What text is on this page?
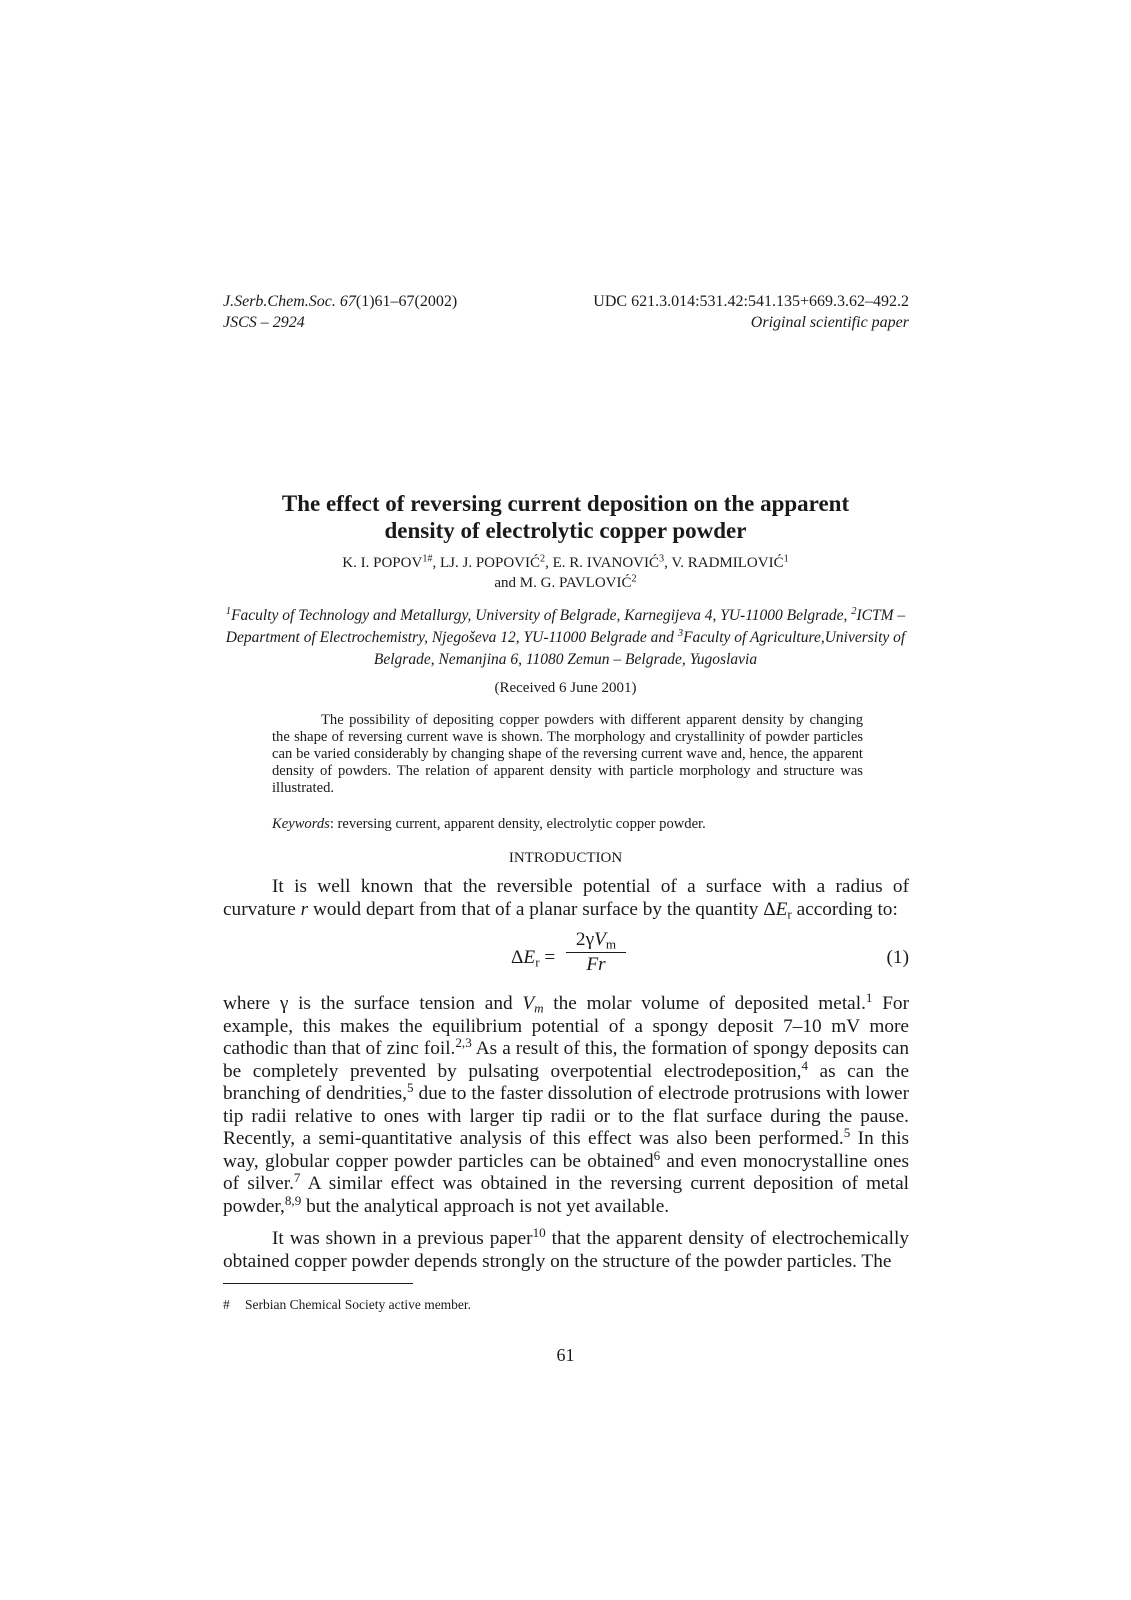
J.Serb.Chem.Soc. 67(1)61–67(2002)
JSCS – 2924
UDC 621.3.014:531.42:541.135+669.3.62–492.2
Original scientific paper
The effect of reversing current deposition on the apparent
density of electrolytic copper powder
K. I. $POPOV^{1\#}$, LJ. J. POPOVIĆ$^2$, E. R. IVANOVIĆ$^3$, V. RADMILOVIĆ$^1$
and M. G. PAVLOVIĆ$^2$
$^1$Faculty of Technology and Metallurgy, University of Belgrade, Karnegijeva 4, YU-11000 Belgrade, $^2$ICTM – Department of Electrochemistry, Njegoševa 12, YU-11000 Belgrade and $^3$Faculty of Agriculture,University of Belgrade, Nemanjina 6, 11080 Zemun – Belgrade, Yugoslavia
(Received 6 June 2001)
The possibility of depositing copper powders with different apparent density by changing the shape of reversing current wave is shown. The morphology and crystallinity of powder particles can be varied considerably by changing shape of the reversing current wave and, hence, the apparent density of powders. The relation of apparent density with particle morphology and structure was illustrated.
Keywords: reversing current, apparent density, electrolytic copper powder.
INTRODUCTION
It is well known that the reversible potential of a surface with a radius of curvature r would depart from that of a planar surface by the quantity $\Delta E_r$ according to:
$\Delta E_r$ =
$2\gamma V_m$
Fr	(1)
where γ is the surface tension and $V_m$ the molar volume of deposited metal.$^1$ For example, this makes the equilibrium potential of a spongy deposit 7–10 mV more cathodic than that of zinc foil.$^{2,3}$ As a result of this, the formation of spongy deposits can be completely prevented by pulsating overpotential electrodeposition,$^4$ as can the branching of dendrities,$^5$ due to the faster dissolution of electrode protrusions with lower tip radii relative to ones with larger tip radii or to the flat surface during the pause. Recently, a semi-quantitative analysis of this effect was also been performed.$^5$ In this way, globular copper powder particles can be obtained$^6$ and even monocrystalline ones of silver.$^7$ A similar effect was obtained in the reversing current deposition of metal powder,$^{8,9}$ but the analytical approach is not yet available.
It was shown in a previous paper$^{10}$ that the apparent density of electrochemically obtained copper powder depends strongly on the structure of the powder particles. The
# Serbian Chemical Society active member.
61
